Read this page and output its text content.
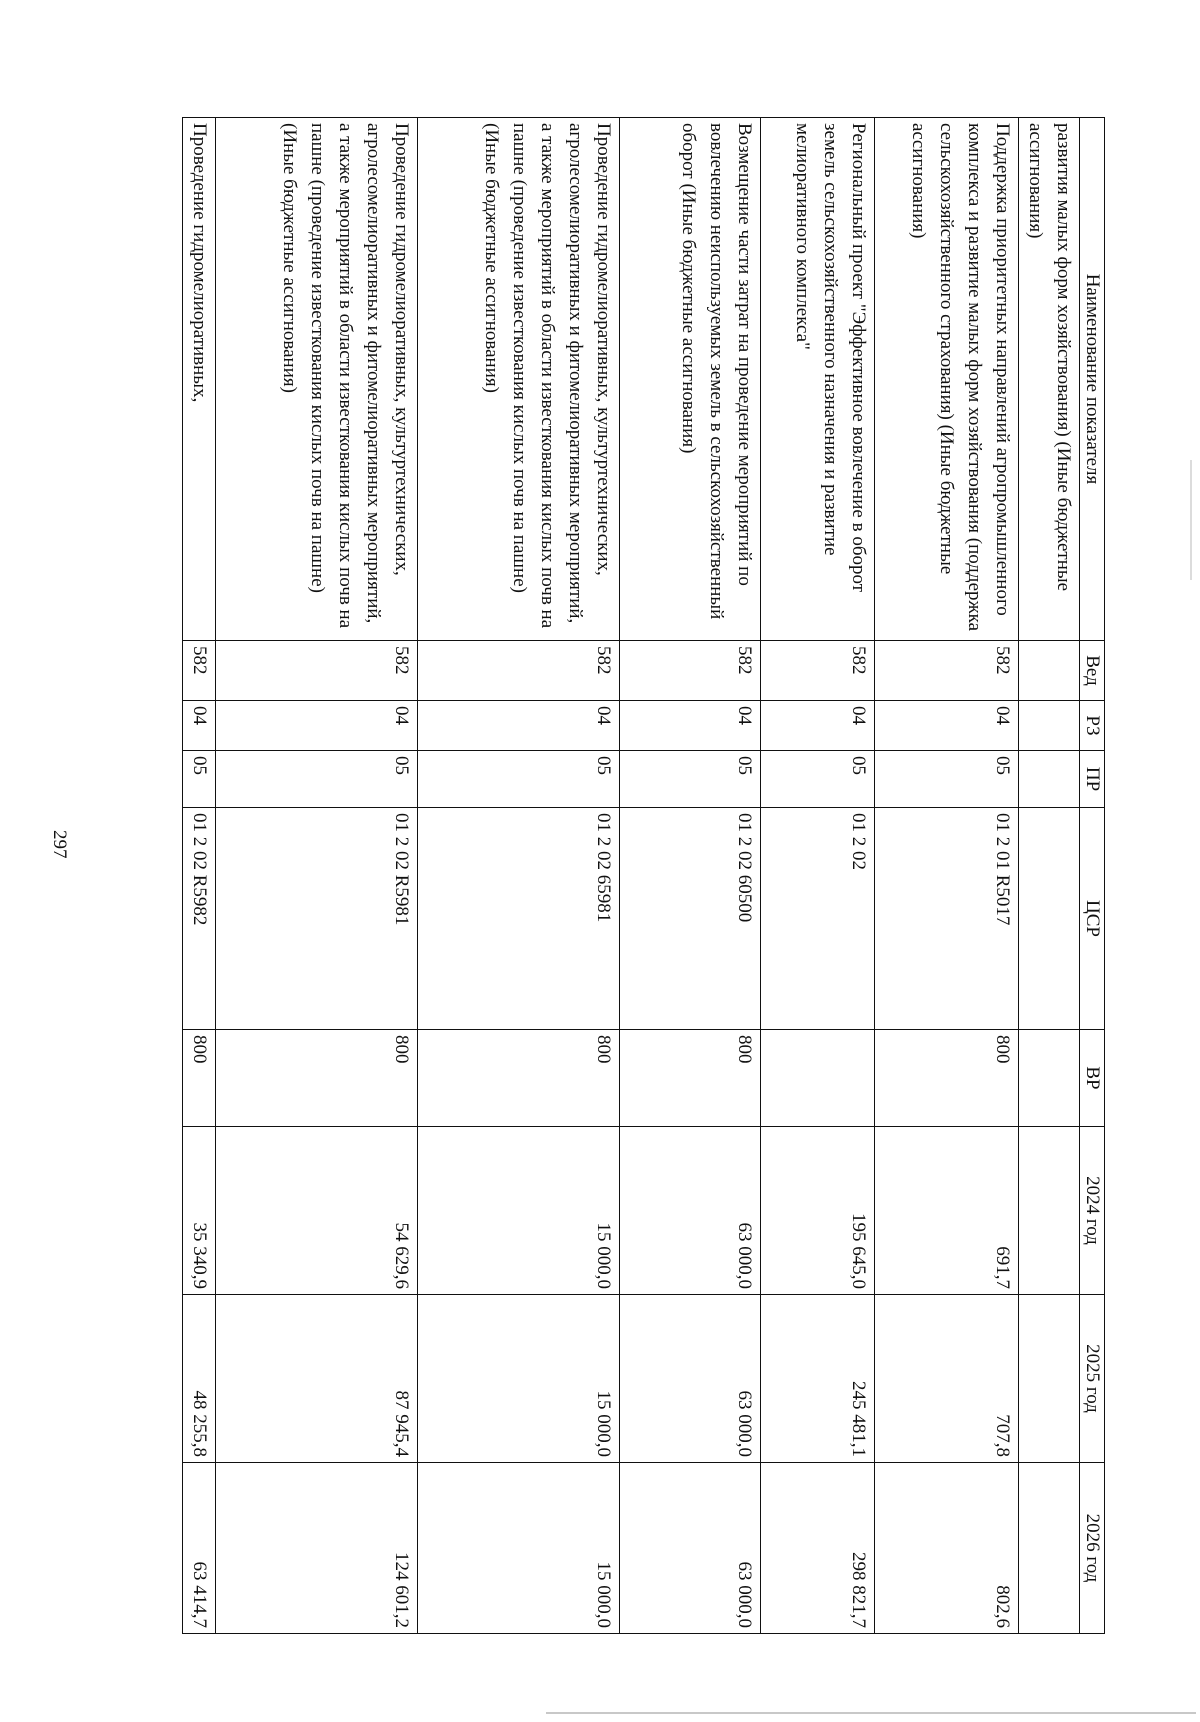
297
Наименование показателя	Вед	РЗ	ПР	ЦСР	ВР	2024 год	2025 год	2026 год
развития малых форм хозяйствования) (Иные бюджетные ассигнования)								
Поддержка приоритетных направлений агропромышленного комплекса и развитие малых форм хозяйствования (поддержка сельскохозяйственного страхования) (Иные бюджетные ассигнования)	582	04	05	01 2 01 R5017	800	691,7	707,8	802,6
Региональный проект "Эффективное вовлечение в оборот земель сельскохозяйственного назначения и развитие мелиоративного комплекса"	582	04	05	01 2 02		195 645,0	245 481,1	298 821,7
Возмещение части затрат на проведение мероприятий по вовлечению неиспользуемых земель в сельскохозяйственный оборот (Иные бюджетные ассигнования)	582	04	05	01 2 02 60500	800	63 000,0	63 000,0	63 000,0
Проведение гидромелиоративных, культуртехнических, агролесомелиоративных и фитомелиоративных мероприятий, а также мероприятий в области известкования кислых почв на пашне (проведение известкования кислых почв на пашне) (Иные бюджетные ассигнования)	582	04	05	01 2 02 65981	800	15 000,0	15 000,0	15 000,0
Проведение гидромелиоративных, культуртехнических, агролесомелиоративных и фитомелиоративных мероприятий, а также мероприятий в области известкования кислых почв на пашне (проведение известкования кислых почв на пашне) (Иные бюджетные ассигнования)	582	04	05	01 2 02 R5981	800	54 629,6	87 945,4	124 601,2
Проведение гидромелиоративных,	582	04	05	01 2 02 R5982	800	35 340,9	48 255,8	63 414,7
